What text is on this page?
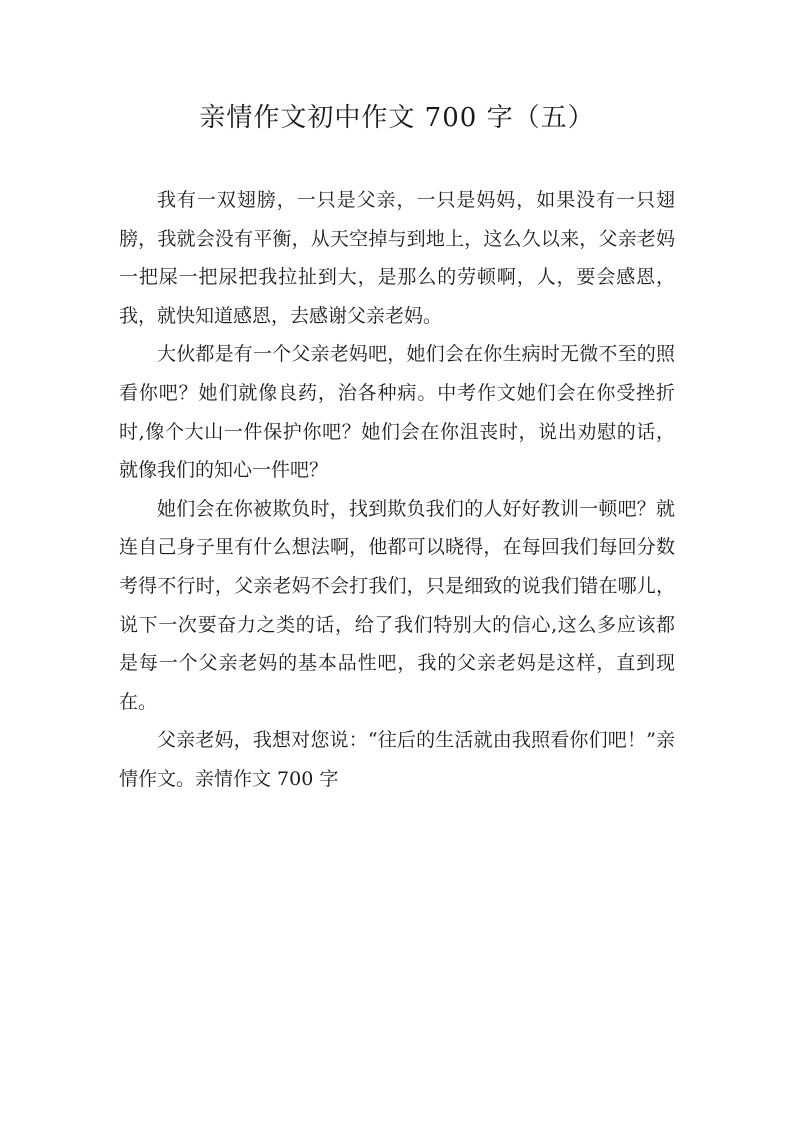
亲情作文初中作文 700 字（五）

我有一双翅膀，一只是父亲，一只是妈妈，如果没有一只翅膀，我就会没有平衡，从天空掉与到地上，这么久以来，父亲老妈一把屎一把尿把我拉扯到大，是那么的劳顿啊，人，要会感恩，我，就快知道感恩，去感谢父亲老妈。

大伙都是有一个父亲老妈吧，她们会在你生病时无微不至的照看你吧？她们就像良药，治各种病。中考作文她们会在你受挫折时,像个大山一件保护你吧？她们会在你沮丧时，说出劝慰的话，就像我们的知心一件吧？

她们会在你被欺负时，找到欺负我们的人好好教训一顿吧？就连自己身子里有什么想法啊，他都可以晓得，在每回我们每回分数考得不行时，父亲老妈不会打我们，只是细致的说我们错在哪儿，说下一次要奋力之类的话，给了我们特别大的信心,这么多应该都是每一个父亲老妈的基本品性吧，我的父亲老妈是这样，直到现在。

父亲老妈，我想对您说：“往后的生活就由我照看你们吧！”亲情作文。亲情作文 700 字
